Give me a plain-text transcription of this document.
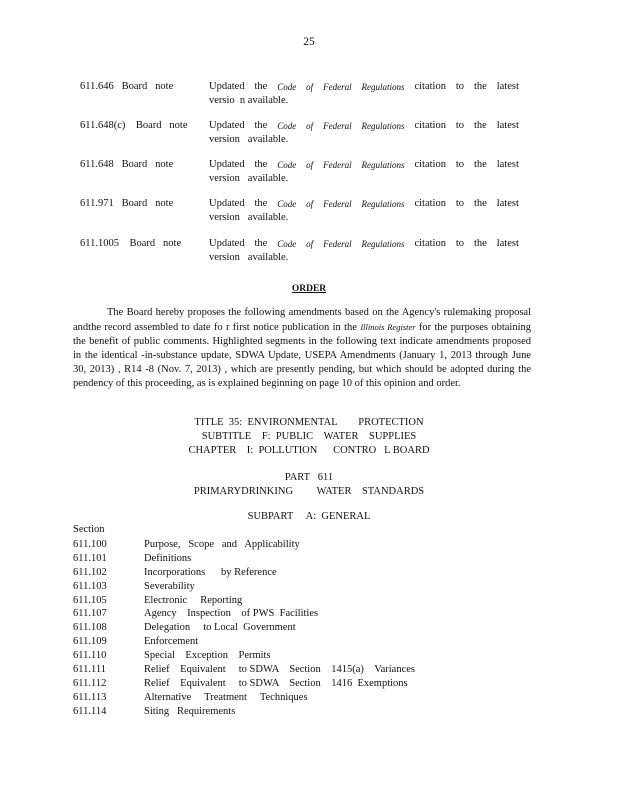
25
611.646   Board   note	Updated the Code of Federal Regulations citation to the latest
versio  n available.
611.648(c)    Board   note Updated the Code of Federal Regulations citation to the latest
version   available.
611.648   Board   note	Updated the Code of Federal Regulations citation to the latest
version   available.
611.971   Board   note	Updated the Code of Federal Regulations citation to the latest
version   available.
611.1005    Board   note	Updated the Code of Federal Regulations citation to the latest
version   available.
ORDER
The Board hereby proposes the following amendments based on the Agency's rulemaking proposal andthe record assembled to date fo r first notice publication in the Illinois Register for the purposes obtaining the benefit of public comments. Highlighted segments in the following text indicate amendments proposed in the identical -in-substance update, SDWA Update, USEPA Amendments (January 1, 2013 through June 30, 2013) , R14 -8 (Nov. 7, 2013) , which are presently pending, but which should be adopted during the pendency of this proceeding, as is explained beginning on page 10 of this opinion and order.
TITLE  35:  ENVIRONMENTAL        PROTECTION
SUBTITLE    F:  PUBLIC    WATER    SUPPLIES
CHAPTER    I:  POLLUTION      CONTRO   L BOARD
PART   611
PRIMARYDRINKING         WATER    STANDARDS
SUBPART     A:  GENERAL
Section
611.100	Purpose,   Scope   and   Applicability
611.101	Definitions
611.102	Incorporations      by Reference
611.103	Severability
611.105	Electronic     Reporting
611.107	Agency    Inspection    of PWS  Facilities
611.108	Delegation     to Local  Government
611.109	Enforcement
611.110	Special    Exception    Permits
611.111	Relief    Equivalent     to SDWA    Section    1415(a)    Variances
611.112	Relief    Equivalent     to SDWA    Section    1416  Exemptions
611.113	Alternative     Treatment     Techniques
611.114	Siting   Requirements
